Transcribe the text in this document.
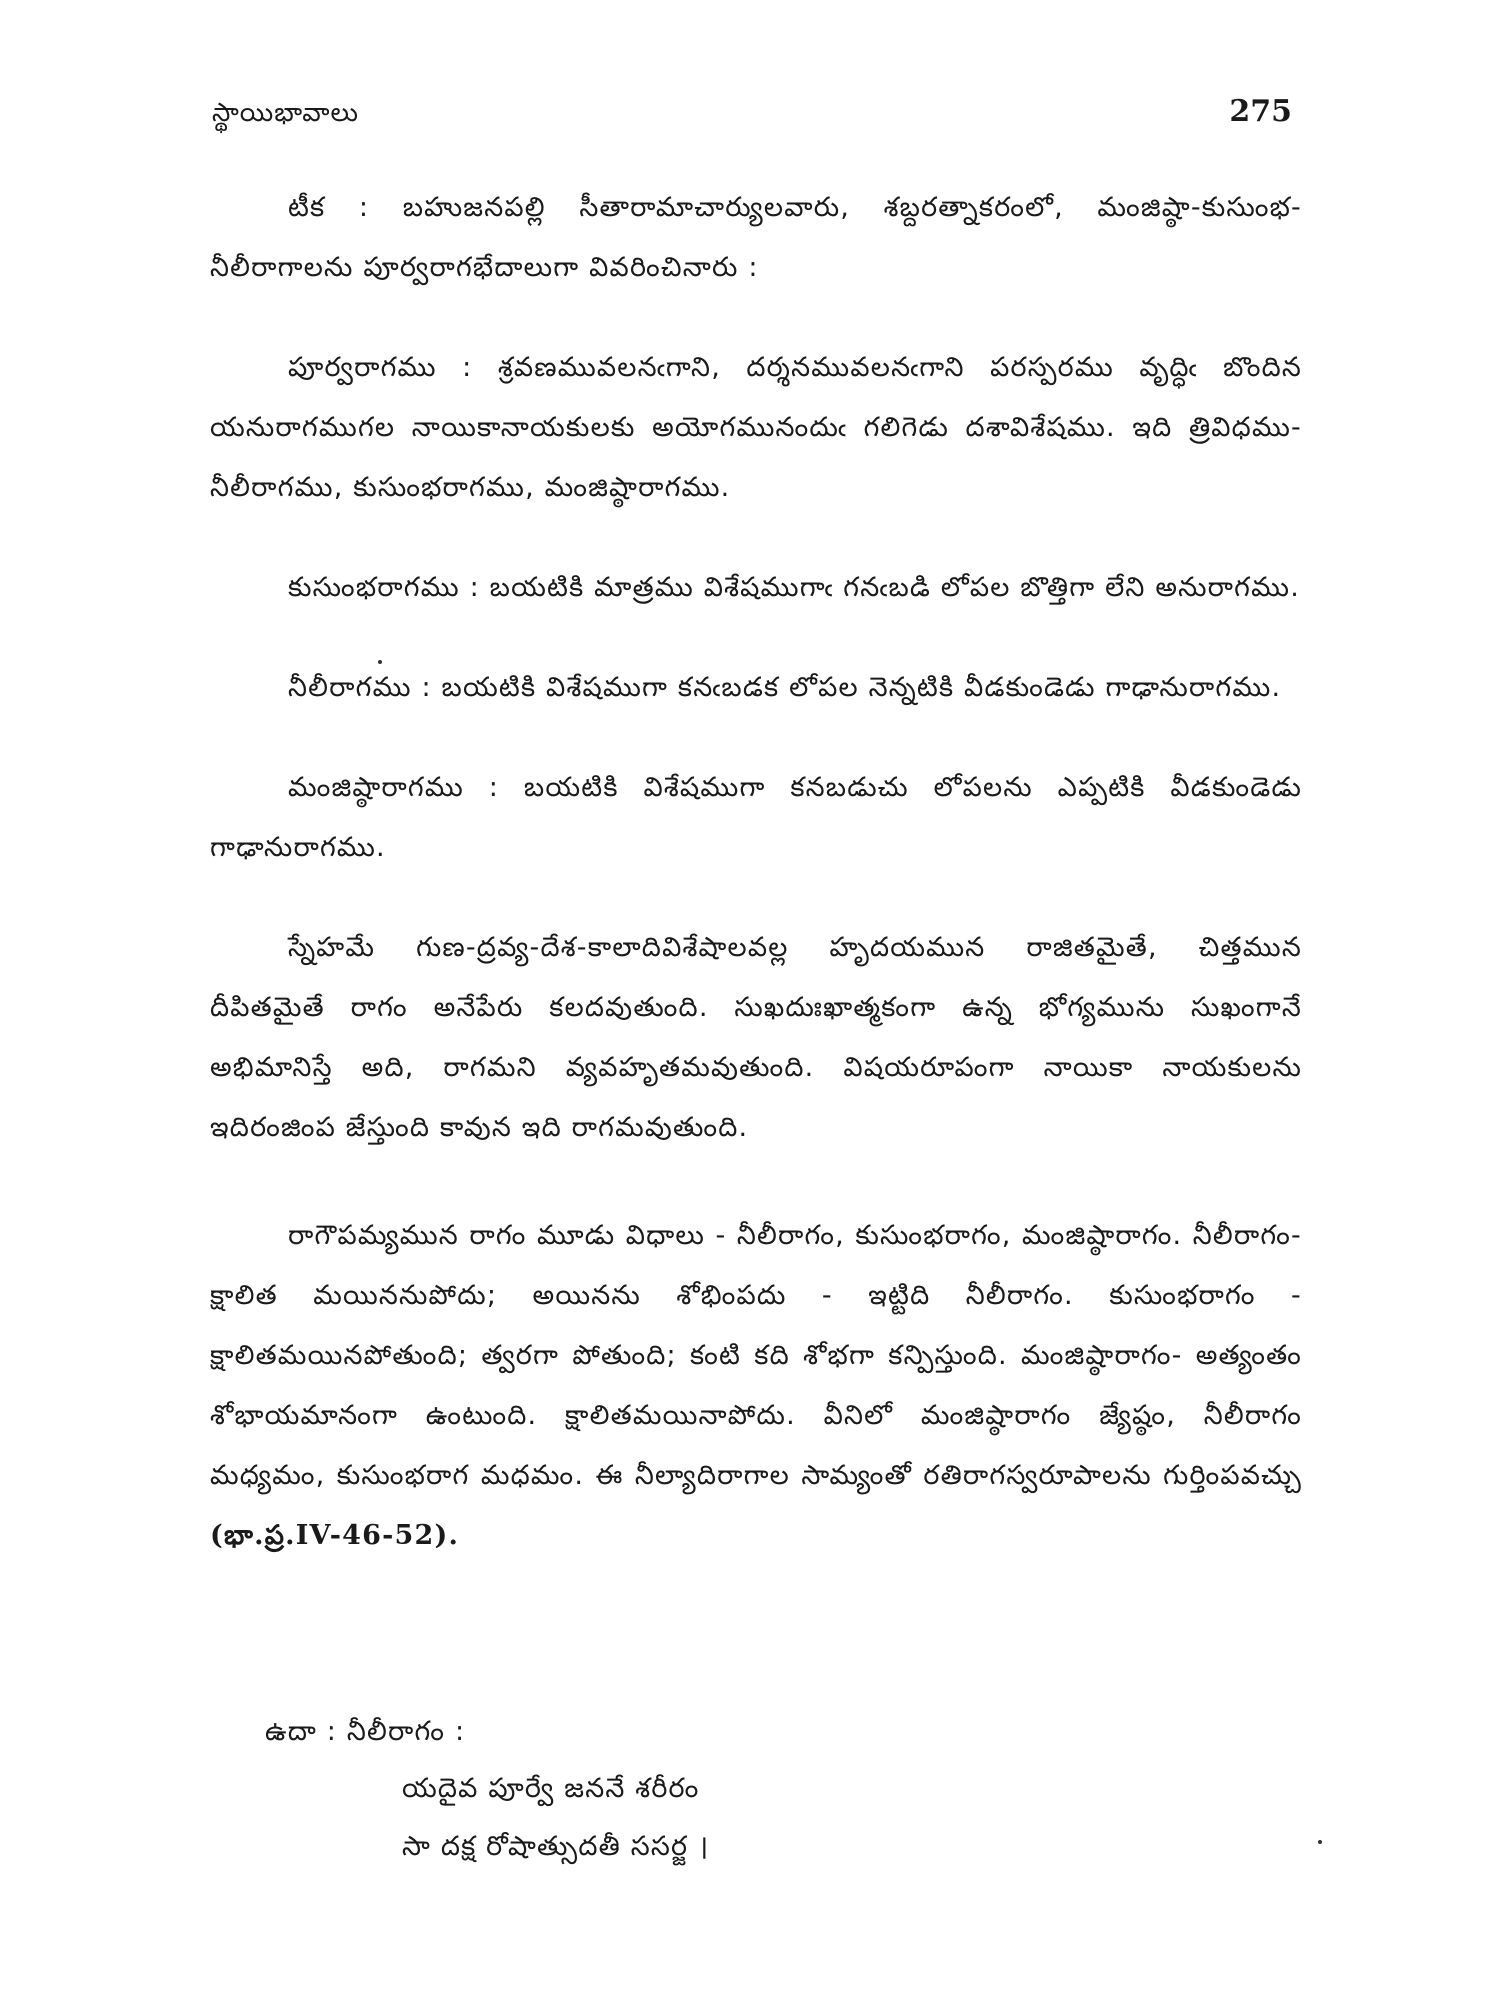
స్థాయిభావాలు	275

టీక : బహుజనపల్లి సీతారామాచార్యులవారు, శబ్దరత్నాకరంలో, మంజిష్ఠా-కుసుంభ- నీలీరాగాలను పూర్వరాగభేదాలుగా వివరించినారు :

పూర్వరాగము : శ్రవణమువలనఁగాని, దర్శనమువలనఁగాని పరస్పరము వృద్ధిఁ బొందిన యనురాగముగల నాయికానాయకులకు అయోగమునందుఁ గలిగెడు దశావిశేషము. ఇది త్రివిధము- నీలీరాగము, కుసుంభరాగము, మంజిష్ఠారాగము.

కుసుంభరాగము : బయటికి మాత్రము విశేషముగాఁ గనఁబడి లోపల బొత్తిగా లేని అనురాగము.

నీలీరాగము : బయటికి విశేషముగా కనఁబడక లోపల నెన్నటికి వీడకుండెడు గాఢానురాగము.

మంజిష్ఠారాగము : బయటికి విశేషముగా కనబడుచు లోపలను ఎప్పటికి వీడకుండెడు గాఢానురాగము.

స్నేహమే గుణ-ద్రవ్య-దేశ-కాలాదివిశేషాలవల్ల హృదయమున రాజితమైతే, చిత్తమున దీపితమైతే రాగం అనేపేరు కలదవుతుంది. సుఖదుఃఖాత్మకంగా ఉన్న భోగ్యమును సుఖంగానే అభిమానిస్తే అది, రాగమని వ్యవహృతమవుతుంది. విషయరూపంగా నాయికా నాయకులను ఇదిరంజింప జేస్తుంది కావున ఇది రాగమవుతుంది.

రాగౌపమ్యమున రాగం మూడు విధాలు - నీలీరాగం, కుసుంభరాగం, మంజిష్ఠారాగం. నీలీరాగం-క్షాలిత మయిననుపోదు; అయినను శోభింపదు - ఇట్టిది నీలీరాగం. కుసుంభరాగం - క్షాలితమయినపోతుంది; త్వరగా పోతుంది; కంటి కది శోభగా కన్పిస్తుంది. మంజిష్ఠారాగం- అత్యంతం శోభాయమానంగా ఉంటుంది. క్షాలితమయినాపోదు. వీనిలో మంజిష్ఠారాగం జ్యేష్ఠం, నీలీరాగం మధ్యమం, కుసుంభరాగ మధమం. ఈ నీల్యాదిరాగాల సామ్యంతో రతిరాగస్వరూపాలను గుర్తింపవచ్చు (భా.ప్ర.IV-46-52).

ఉదా : నీలీరాగం :
యదైవ పూర్వే జననే శరీరం
సా దక్ష రోషాత్సుదతీ ససర్జ ।
